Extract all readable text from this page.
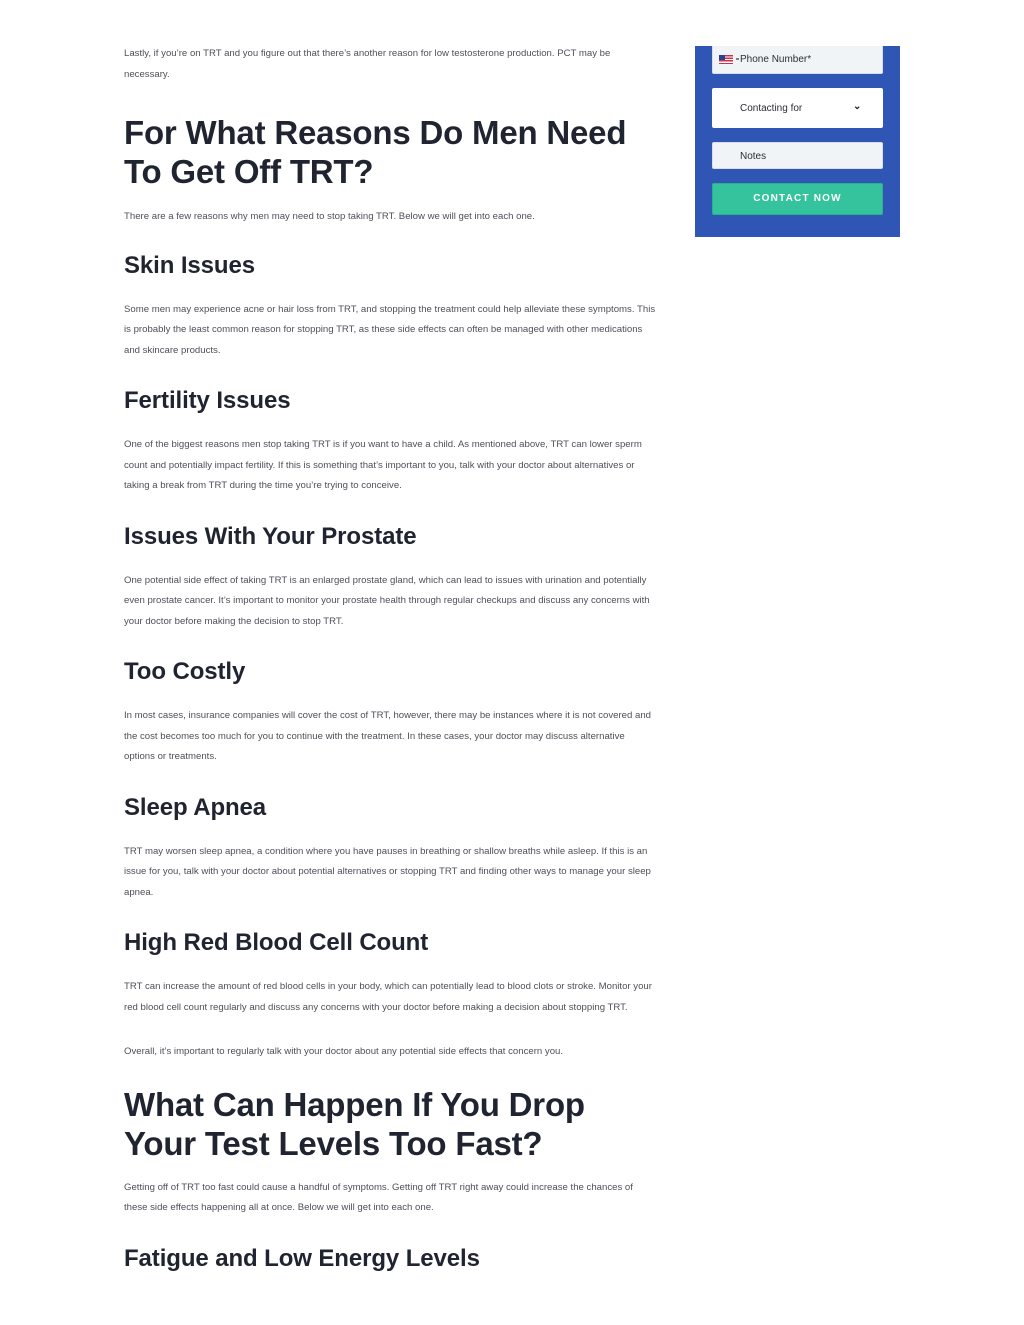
Lastly, if you’re on TRT and you figure out that there’s another reason for low testosterone production. PCT may be necessary.

For What Reasons Do Men Need To Get Off TRT?

There are a few reasons why men may need to stop taking TRT. Below we will get into each one.

Skin Issues

Some men may experience acne or hair loss from TRT, and stopping the treatment could help alleviate these symptoms. This is probably the least common reason for stopping TRT, as these side effects can often be managed with other medications and skincare products.

Fertility Issues

One of the biggest reasons men stop taking TRT is if you want to have a child. As mentioned above, TRT can lower sperm count and potentially impact fertility. If this is something that’s important to you, talk with your doctor about alternatives or taking a break from TRT during the time you’re trying to conceive.

Issues With Your Prostate

One potential side effect of taking TRT is an enlarged prostate gland, which can lead to issues with urination and potentially even prostate cancer. It’s important to monitor your prostate health through regular checkups and discuss any concerns with your doctor before making the decision to stop TRT.

Too Costly

In most cases, insurance companies will cover the cost of TRT, however, there may be instances where it is not covered and the cost becomes too much for you to continue with the treatment. In these cases, your doctor may discuss alternative options or treatments.

Sleep Apnea

TRT may worsen sleep apnea, a condition where you have pauses in breathing or shallow breaths while asleep. If this is an issue for you, talk with your doctor about potential alternatives or stopping TRT and finding other ways to manage your sleep apnea.

High Red Blood Cell Count

TRT can increase the amount of red blood cells in your body, which can potentially lead to blood clots or stroke. Monitor your red blood cell count regularly and discuss any concerns with your doctor before making a decision about stopping TRT.

Overall, it’s important to regularly talk with your doctor about any potential side effects that concern you.

What Can Happen If You Drop Your Test Levels Too Fast?

Getting off of TRT too fast could cause a handful of symptoms. Getting off TRT right away could increase the chances of these side effects happening all at once. Below we will get into each one.

Fatigue and Low Energy Levels
Phone Number*
Contacting for	⌄
Notes
CONTACT NOW
